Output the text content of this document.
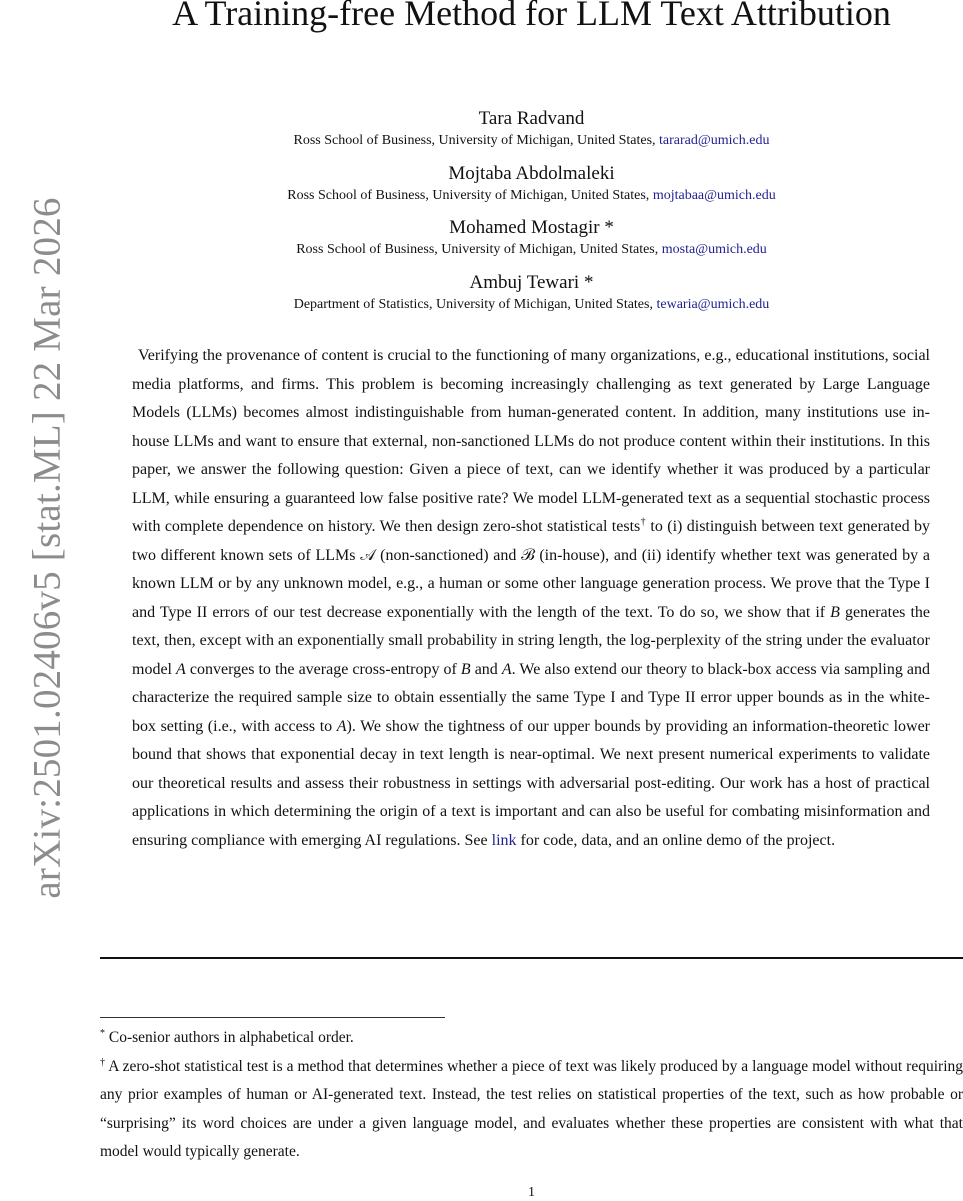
arXiv:2501.02406v5 [stat.ML] 22 Mar 2026
A Training-free Method for LLM Text Attribution
Tara Radvand
Ross School of Business, University of Michigan, United States, tararad@umich.edu
Mojtaba Abdolmaleki
Ross School of Business, University of Michigan, United States, mojtabaa@umich.edu
Mohamed Mostagir *
Ross School of Business, University of Michigan, United States, mosta@umich.edu
Ambuj Tewari *
Department of Statistics, University of Michigan, United States, tewaria@umich.edu

Verifying the provenance of content is crucial to the functioning of many organizations, e.g., educational institutions, social media platforms, and firms. This problem is becoming increasingly challenging as text generated by Large Language Models (LLMs) becomes almost indistinguishable from human-generated content. In addition, many institutions use in-house LLMs and want to ensure that external, non-sanctioned LLMs do not produce content within their institutions. In this paper, we answer the following question: Given a piece of text, can we identify whether it was produced by a particular LLM, while ensuring a guaranteed low false positive rate? We model LLM-generated text as a sequential stochastic process with complete dependence on history. We then design zero-shot statistical tests† to (i) distinguish between text generated by two different known sets of LLMs 𝒜 (non-sanctioned) and ℬ (in-house), and (ii) identify whether text was generated by a known LLM or by any unknown model, e.g., a human or some other language generation process. We prove that the Type I and Type II errors of our test decrease exponentially with the length of the text. To do so, we show that if B generates the text, then, except with an exponentially small probability in string length, the log-perplexity of the string under the evaluator model A converges to the average cross-entropy of B and A. We also extend our theory to black-box access via sampling and characterize the required sample size to obtain essentially the same Type I and Type II error upper bounds as in the white-box setting (i.e., with access to A). We show the tightness of our upper bounds by providing an information-theoretic lower bound that shows that exponential decay in text length is near-optimal. We next present numerical experiments to validate our theoretical results and assess their robustness in settings with adversarial post-editing. Our work has a host of practical applications in which determining the origin of a text is important and can also be useful for combating misinformation and ensuring compliance with emerging AI regulations. See link for code, data, and an online demo of the project.

* Co-senior authors in alphabetical order.

† A zero-shot statistical test is a method that determines whether a piece of text was likely produced by a language model without requiring any prior examples of human or AI-generated text. Instead, the test relies on statistical properties of the text, such as how probable or “surprising” its word choices are under a given language model, and evaluates whether these properties are consistent with what that model would typically generate.

1
